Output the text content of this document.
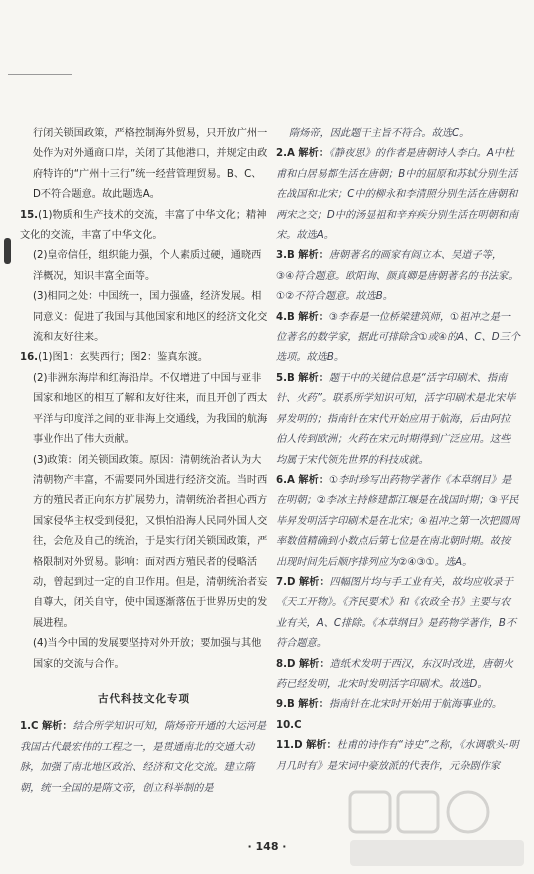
行闭关锁国政策，严格控制海外贸易，只开放广州一处作为对外通商口岸，关闭了其他港口，并规定由政府特许的“广州十三行”统一经营管理贸易。B、C、D不符合题意。故此题选A。
15.(1)物质和生产技术的交流，丰富了中华文化；精神文化的交流，丰富了中华文化。
(2)皇帝信任，组织能力强，个人素质过硬，通晓西洋概况，知识丰富全面等。
(3)相同之处：中国统一，国力强盛，经济发展。相同意义：促进了我国与其他国家和地区的经济文化交流和友好往来。
16.(1)图1：玄奘西行；图2：鉴真东渡。
(2)非洲东海岸和红海沿岸。不仅增进了中国与亚非国家和地区的相互了解和友好往来，而且开创了西太平洋与印度洋之间的亚非海上交通线，为我国的航海事业作出了伟大贡献。
(3)政策：闭关锁国政策。原因：清朝统治者认为大清朝物产丰富，不需要同外国进行经济交流。当时西方的殖民者正向东方扩展势力，清朝统治者担心西方国家侵华主权受到侵犯，又惧怕沿海人民同外国人交往，会危及自己的统治，于是实行闭关锁国政策，严格限制对外贸易。影响：面对西方殖民者的侵略活动，曾起到过一定的自卫作用。但是，清朝统治者妄自尊大，闭关自守，使中国逐渐落伍于世界历史的发展进程。
(4)当今中国的发展要坚持对外开放；要加强与其他国家的交流与合作。
古代科技文化专项
1.C 解析：结合所学知识可知，隋炀帝开通的大运河是我国古代最宏伟的工程之一，是贯通南北的交通大动脉，加强了南北地区政治、经济和文化交流。建立隋朝，统一全国的是隋文帝，创立科举制的是
隋炀帝，因此题干主旨不符合。故选C。
2.A 解析：《静夜思》的作者是唐朝诗人李白。A中杜甫和白居易都生活在唐朝；B中的屈原和苏轼分别生活在战国和北宋；C中的柳永和李清照分别生活在唐朝和两宋之交；D中的汤显祖和辛弃疾分别生活在明朝和南宋。故选A。
3.B 解析：唐朝著名的画家有阎立本、吴道子等，③④符合题意。欧阳询、颜真卿是唐朝著名的书法家。①②不符合题意。故选B。
4.B 解析：③李春是一位桥梁建筑师，①祖冲之是一位著名的数学家，据此可排除含①或④的A、C、D三个选项。故选B。
5.B 解析：题干中的关键信息是“活字印刷术、指南针、火药”。联系所学知识可知，活字印刷术是北宋毕昇发明的；指南针在宋代开始应用于航海，后由阿拉伯人传到欧洲；火药在宋元时期得到广泛应用。这些均属于宋代领先世界的科技成就。
6.A 解析：①李时珍写出药物学著作《本草纲目》是在明朝；②李冰主持修建都江堰是在战国时期；③平民毕昇发明活字印刷术是在北宋；④祖冲之第一次把圆周率数值精确到小数点后第七位是在南北朝时期。故按出现时间先后顺序排列应为②④③①。选A。
7.D 解析：四幅图片均与手工业有关，故均应收录于《天工开物》。《齐民要术》和《农政全书》主要与农业有关，A、C排除。《本草纲目》是药物学著作，B不符合题意。
8.D 解析：造纸术发明于西汉，东汉时改进，唐朝火药已经发明，北宋时发明活字印刷术。故选D。
9.B 解析：指南针在北宋时开始用于航海事业的。
10.C
11.D 解析：杜甫的诗作有“诗史”之称，《水调歌头·明月几时有》是宋词中豪放派的代表作，元杂剧作家
· 148 ·
